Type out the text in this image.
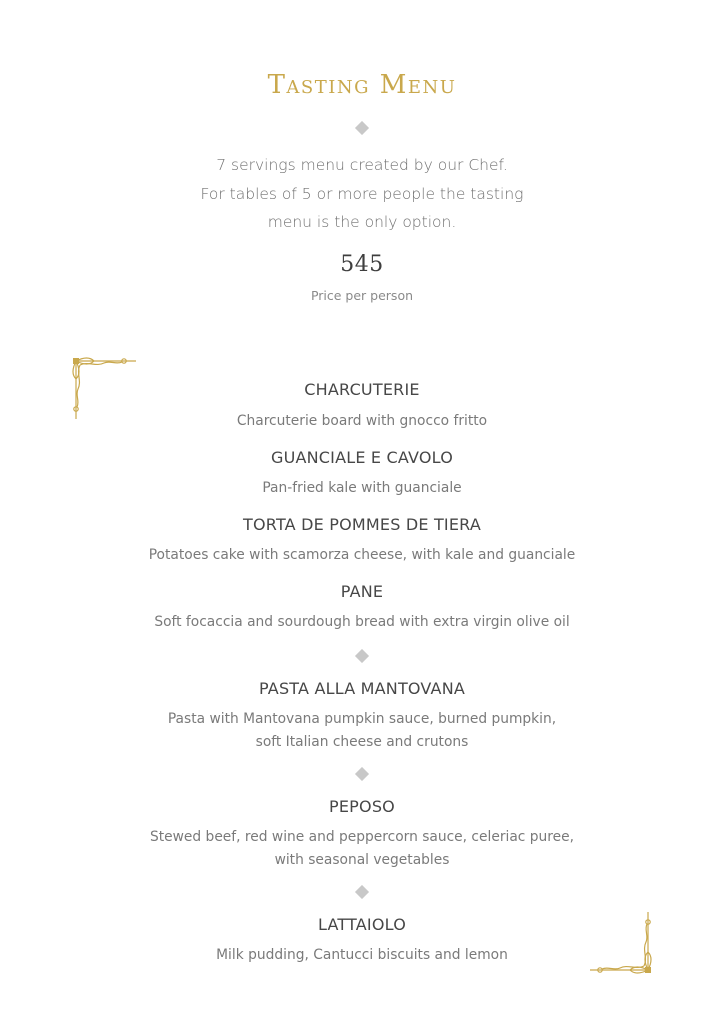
Tasting Menu
7 servings menu created by our Chef.
For tables of 5 or more people the tasting
menu is the only option.
545
Price per person
CHARCUTERIE
Charcuterie board with gnocco fritto
GUANCIALE E CAVOLO
Pan-fried kale with guanciale
TORTA DE POMMES DE TIERA
Potatoes cake with scamorza cheese, with kale and guanciale
PANE
Soft focaccia and sourdough bread with extra virgin olive oil
PASTA ALLA MANTOVANA
Pasta with Mantovana pumpkin sauce, burned pumpkin,
soft Italian cheese and crutons
PEPOSO
Stewed beef, red wine and peppercorn sauce, celeriac puree,
with seasonal vegetables
LATTAIOLO
Milk pudding, Cantucci biscuits and lemon
